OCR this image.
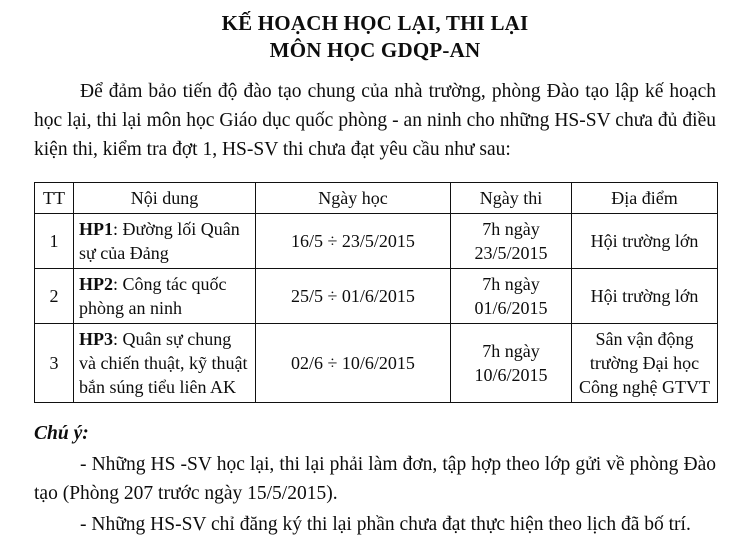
KẾ HOẠCH HỌC LẠI, THI LẠI
MÔN HỌC GDQP-AN

Để đảm bảo tiến độ đào tạo chung của nhà trường, phòng Đào tạo lập kế hoạch học lại, thi lại môn học Giáo dục quốc phòng - an ninh cho những HS-SV chưa đủ điều kiện thi, kiểm tra đợt 1, HS-SV thi chưa đạt yêu cầu như sau:

TT	Nội dung	Ngày học	Ngày thi	Địa điểm
1	HP1: Đường lối Quân sự của Đảng	16/5 ÷ 23/5/2015	7h ngày 23/5/2015	Hội trường lớn
2	HP2: Công tác quốc phòng an ninh	25/5 ÷ 01/6/2015	7h ngày 01/6/2015	Hội trường lớn
3	HP3: Quân sự chung và chiến thuật, kỹ thuật bắn súng tiểu liên AK	02/6 ÷ 10/6/2015	7h ngày 10/6/2015	Sân vận động trường Đại học Công nghệ GTVT
Chú ý:
- Những HS -SV học lại, thi lại phải làm đơn, tập hợp theo lớp gửi về phòng Đào tạo (Phòng 207 trước ngày 15/5/2015).
- Những HS-SV chỉ đăng ký thi lại phần chưa đạt thực hiện theo lịch đã bố trí.
